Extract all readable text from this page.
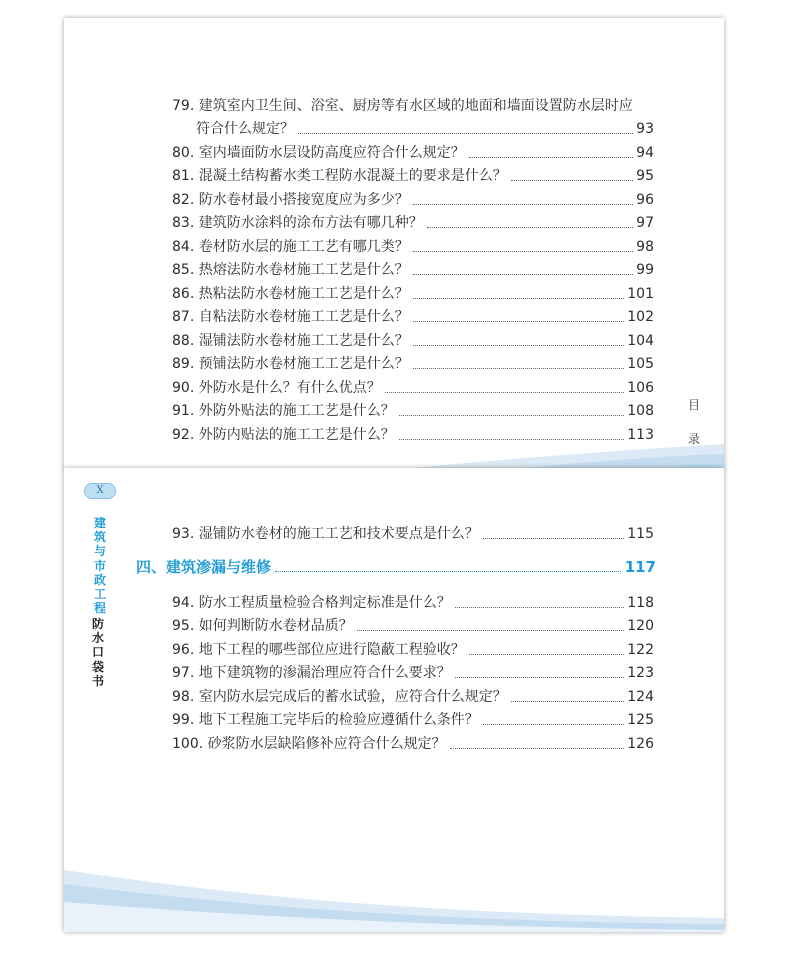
79. 建筑室内卫生间、浴室、厨房等有水区域的地面和墙面设置防水层时应
符合什么规定？	93
80. 室内墙面防水层设防高度应符合什么规定？	94
81. 混凝土结构蓄水类工程防水混凝土的要求是什么？	95
82. 防水卷材最小搭接宽度应为多少？	96
83. 建筑防水涂料的涂布方法有哪几种？	97
84. 卷材防水层的施工工艺有哪几类？	98
85. 热熔法防水卷材施工工艺是什么？	99
86. 热粘法防水卷材施工工艺是什么？	101
87. 自粘法防水卷材施工工艺是什么？	102
88. 湿铺法防水卷材施工工艺是什么？	104
89. 预铺法防水卷材施工工艺是什么？	105
90. 外防水是什么？有什么优点？	106
91. 外防外贴法的施工工艺是什么？	108
92. 外防内贴法的施工工艺是什么？	113
目
录
X
建
筑
与
市
政
工
程
防
水
口
袋
书
93. 湿铺防水卷材的施工工艺和技术要点是什么？	115
四、建筑渗漏与维修	117
94. 防水工程质量检验合格判定标准是什么？	118
95. 如何判断防水卷材品质？	120
96. 地下工程的哪些部位应进行隐蔽工程验收？	122
97. 地下建筑物的渗漏治理应符合什么要求？	123
98. 室内防水层完成后的蓄水试验，应符合什么规定？	124
99. 地下工程施工完毕后的检验应遵循什么条件？	125
100. 砂浆防水层缺陷修补应符合什么规定？	126
